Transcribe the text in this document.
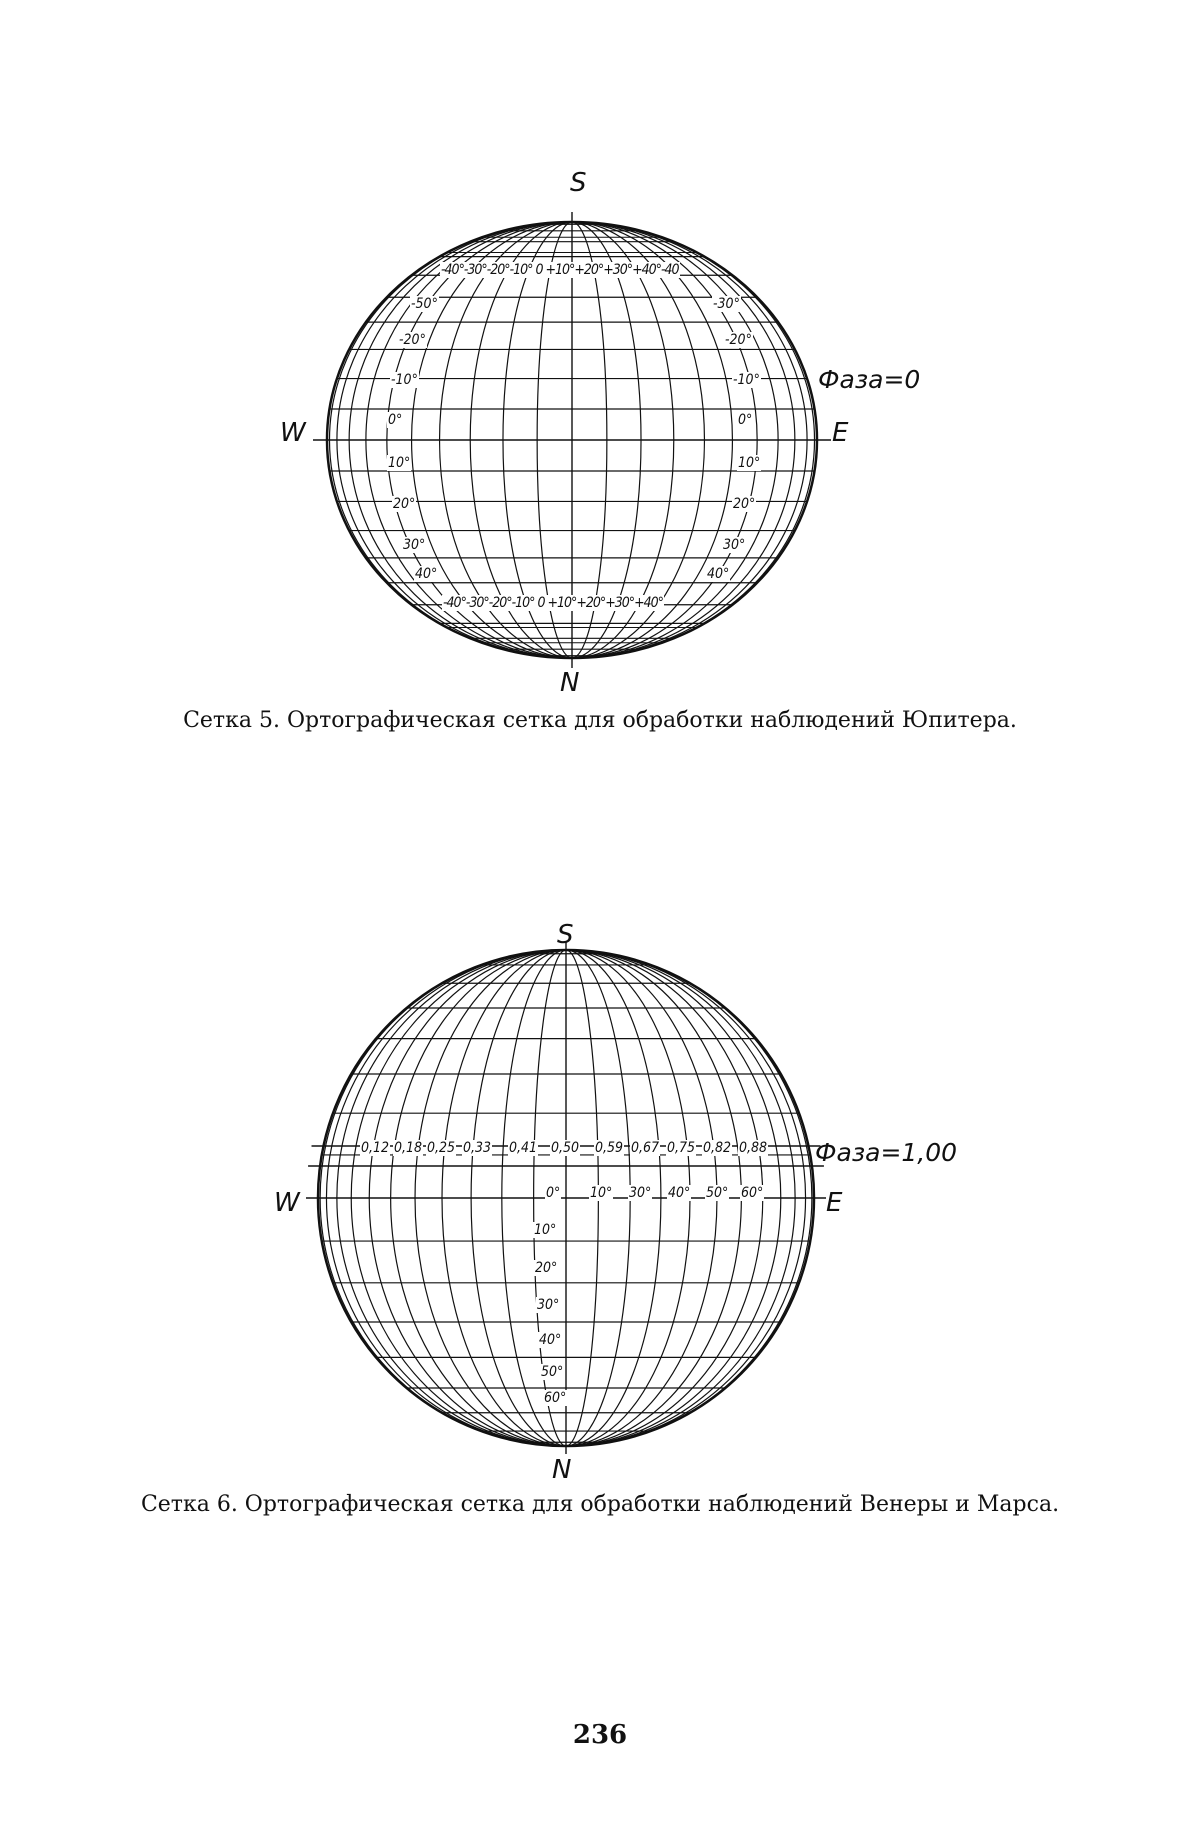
S
N
W	E
Фаза=0
-40°-30°-20°-10° 0 +10°+20°+30°+40°-40
-40°-30°-20°-10° 0 +10°+20°+30°+40°
-50°
-20°
-10°
0°
10°
20°
30°
40°
-30°
-20°
-10°
0°
10°
20°
30°
40°
Сетка 5. Ортографическая сетка для обработки наблюдений Юпитера.
S
N
W	E
Фаза=1,00
0,12 0,18 0,25 0,33 0,41 0,50 0,59 0,67 0,75 0,82 0,88
0° 10° 30° 40° 50° 60°
10°
20°
30°
40°
50°
60°
Сетка 6. Ортографическая сетка для обработки наблюдений Венеры и Марса.
236
